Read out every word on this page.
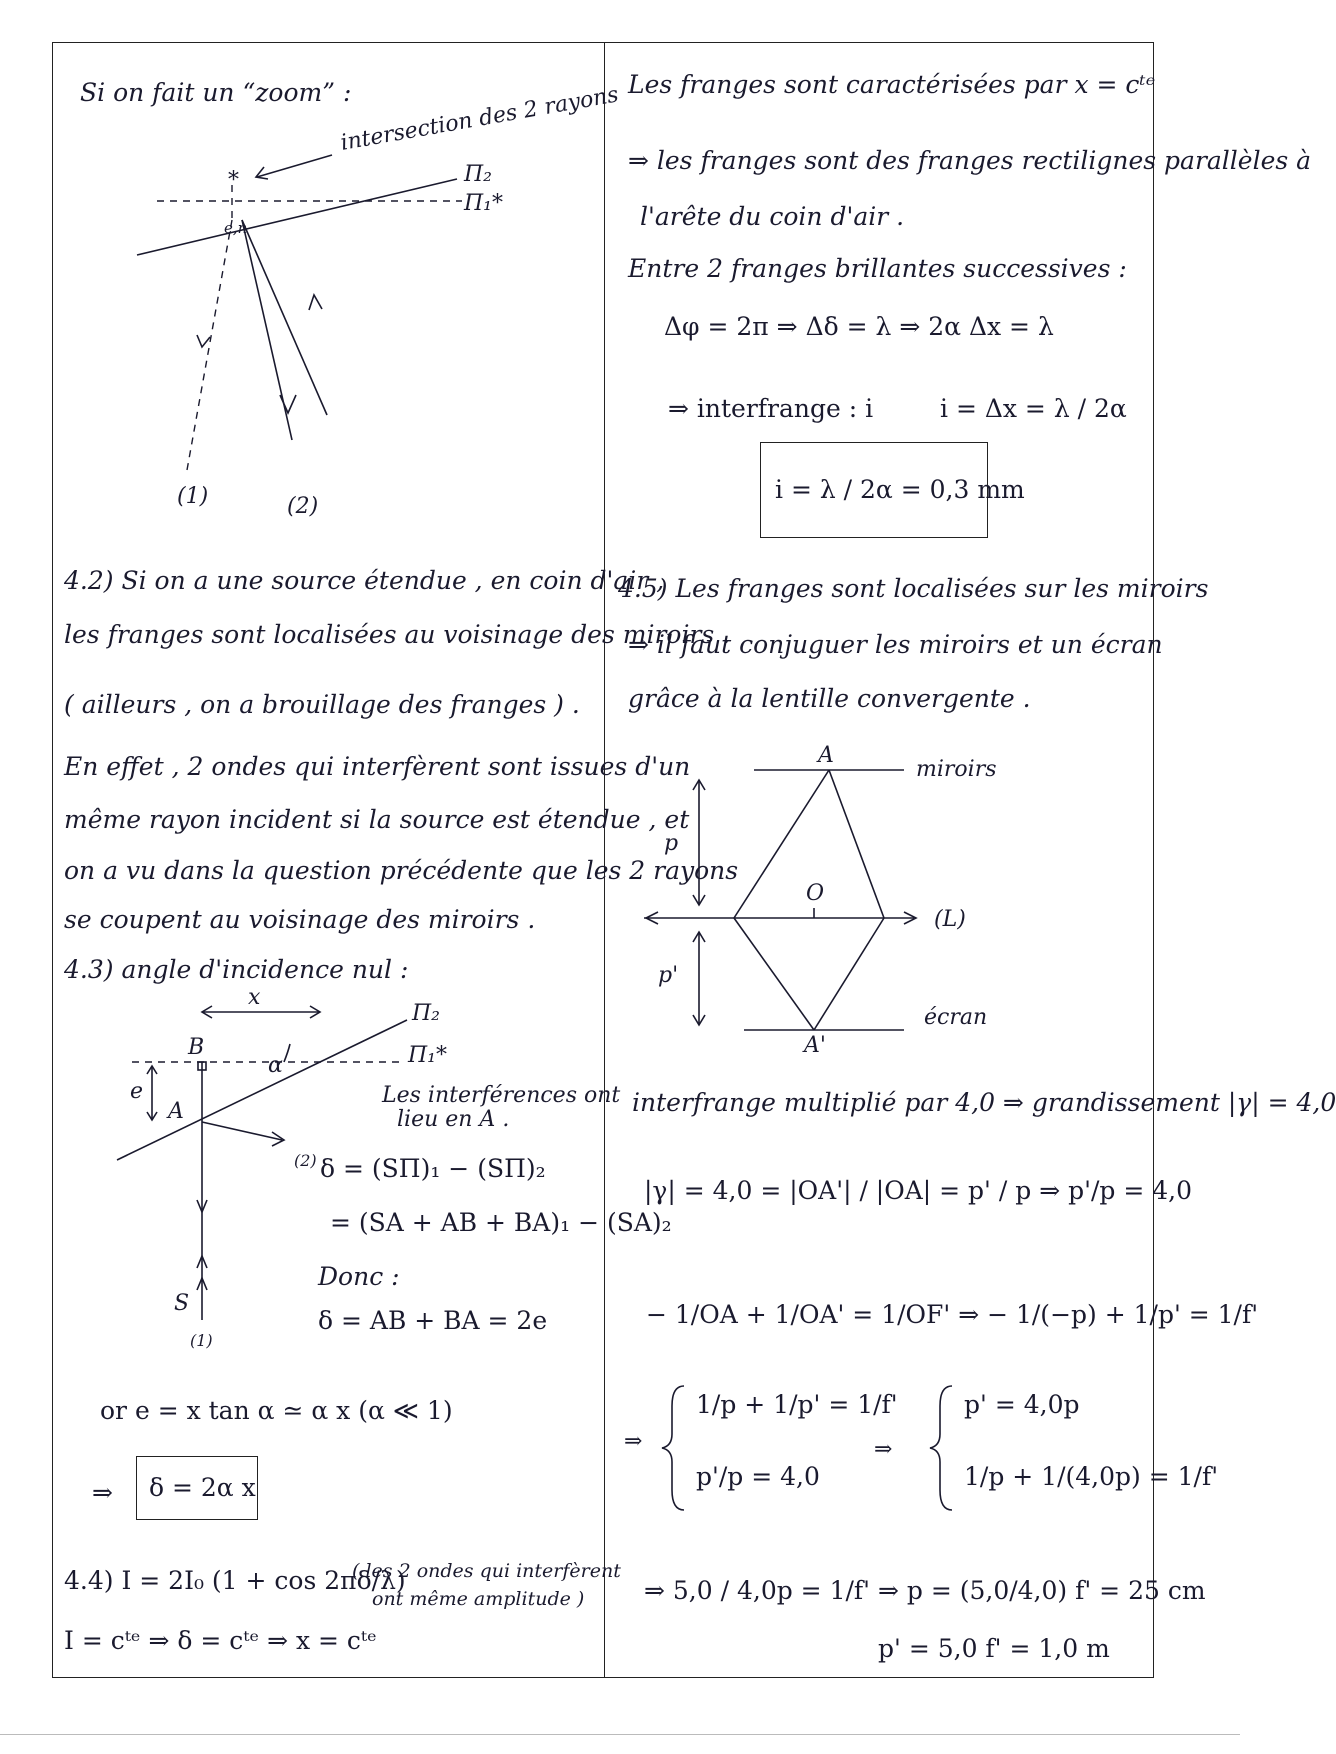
Si on fait un “zoom” :
*
e,n
intersection des 2 rayons
Π₂
Π₁*
(1)	(2)
4.2) Si on a une source étendue , en coin d'air ,
les franges sont localisées au voisinage des miroirs .
( ailleurs , on a brouillage des franges ) .
En effet , 2 ondes qui interfèrent sont issues d'un
même rayon incident si la source est étendue , et
on a vu dans la question précédente que les 2 rayons
se coupent au voisinage des miroirs .
4.3) angle d'incidence nul :
x
Π₂
Π₁*
B
A
e
α
S
(1)
(2)
Les interférences ont
lieu en A .
δ = (SΠ)₁ − (SΠ)₂
= (SA + AB + BA)₁ − (SA)₂
Donc :
δ = AB + BA = 2e
or e = x tan α ≃ α x (α ≪ 1)
⇒ δ = 2α x
4.4) I = 2I₀ (1 + cos 2πδ/λ)
( les 2 ondes qui interfèrent
ont même amplitude )
I = cᵗᵉ ⇒ δ = cᵗᵉ ⇒ x = cᵗᵉ
Les franges sont caractérisées par x = cᵗᵉ
⇒ les franges sont des franges rectilignes parallèles à
l'arête du coin d'air .
Entre 2 franges brillantes successives :
Δφ = 2π ⇒ Δδ = λ ⇒ 2α Δx = λ
⇒ interfrange : i	i = Δx = λ / 2α
i = λ / 2α = 0,3 mm
4.5) Les franges sont localisées sur les miroirs
⇒ il faut conjuguer les miroirs et un écran
grâce à la lentille convergente .
A
miroirs
p
O
(L)
p'
écran
A'
interfrange multiplié par 4,0 ⇒ grandissement |γ| = 4,0
|γ| = 4,0 = |OA'| / |OA| = p' / p ⇒ p'/p = 4,0
− 1/OA + 1/OA' = 1/OF' ⇒ − 1/(−p) + 1/p' = 1/f'
⇒	⇒
1/p + 1/p' = 1/f'
p'/p = 4,0
p' = 4,0p
1/p + 1/(4,0p) = 1/f'
⇒ 5,0 / 4,0p = 1/f' ⇒ p = (5,0/4,0) f' = 25 cm
p' = 5,0 f' = 1,0 m
